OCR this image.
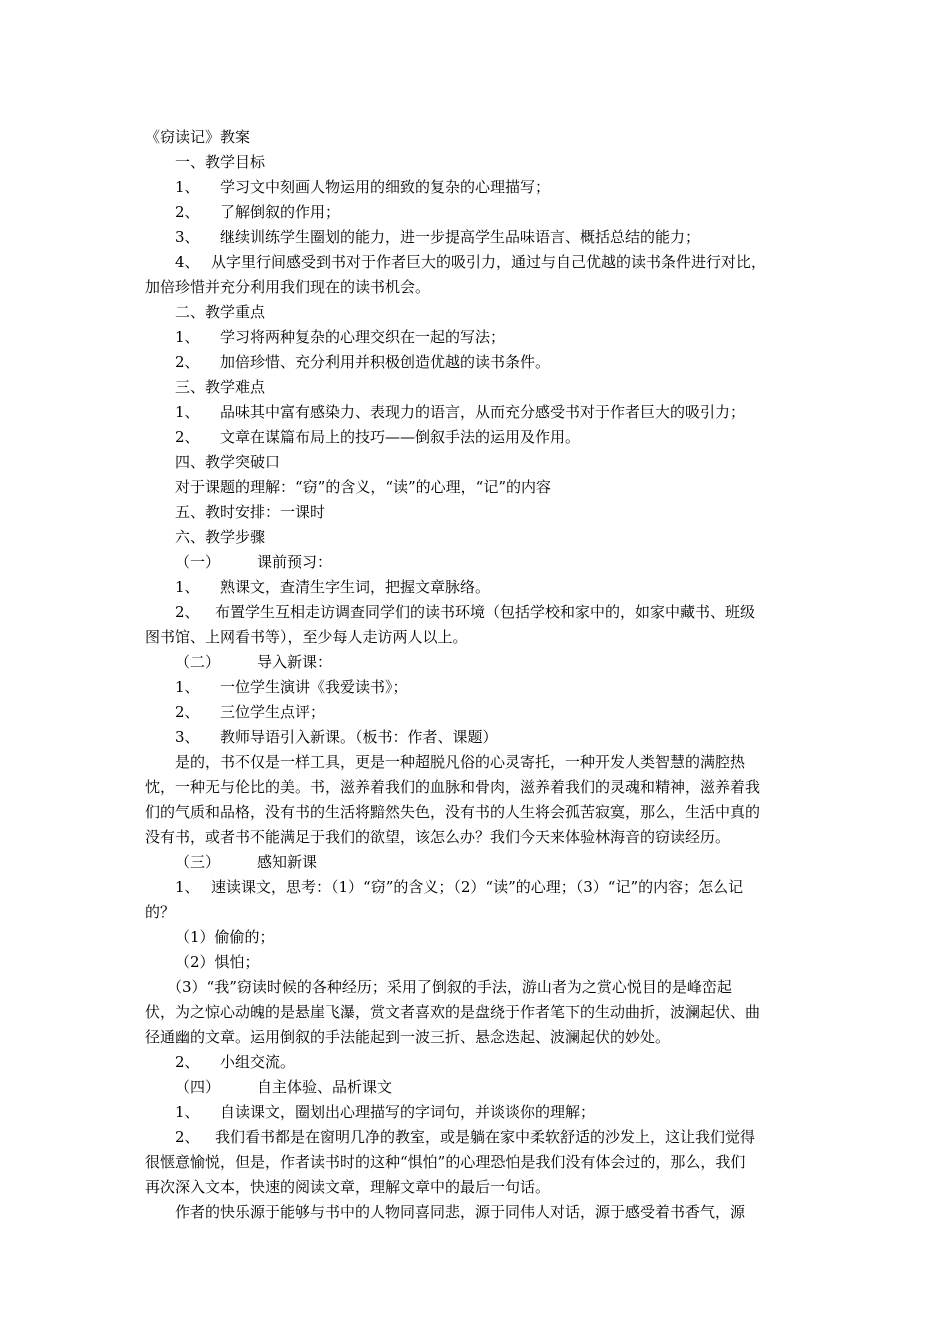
《窃读记》教案

一、教学目标

1、 学习文中刻画人物运用的细致的复杂的心理描写；

2、 了解倒叙的作用；

3、 继续训练学生圈划的能力，进一步提高学生品味语言、概括总结的能力；

4、 从字里行间感受到书对于作者巨大的吸引力，通过与自己优越的读书条件进行对比，

加倍珍惜并充分利用我们现在的读书机会。

二、教学重点

1、 学习将两种复杂的心理交织在一起的写法；

2、 加倍珍惜、充分利用并积极创造优越的读书条件。

三、教学难点

1、 品味其中富有感染力、表现力的语言，从而充分感受书对于作者巨大的吸引力；

2、 文章在谋篇布局上的技巧——倒叙手法的运用及作用。

四、教学突破口

对于课题的理解：“窃”的含义，“读”的心理，“记”的内容

五、教时安排：一课时

六、教学步骤

（一） 课前预习：

1、 熟课文，查清生字生词，把握文章脉络。

2、 布置学生互相走访调查同学们的读书环境（包括学校和家中的，如家中藏书、班级

图书馆、上网看书等），至少每人走访两人以上。

（二） 导入新课：

1、 一位学生演讲《我爱读书》；

2、 三位学生点评；

3、 教师导语引入新课。（板书：作者、课题）

是的，书不仅是一样工具，更是一种超脱凡俗的心灵寄托，一种开发人类智慧的满腔热

忱，一种无与伦比的美。书，滋养着我们的血脉和骨肉，滋养着我们的灵魂和精神，滋养着我

们的气质和品格，没有书的生活将黯然失色，没有书的人生将会孤苦寂寞，那么，生活中真的

没有书，或者书不能满足于我们的欲望，该怎么办？我们今天来体验林海音的窃读经历。

（三） 感知新课

1、 速读课文，思考：（1）“窃”的含义；（2）“读”的心理；（3）“记”的内容；怎么记

的？

（1）偷偷的；

（2）惧怕；

（3）“我”窃读时候的各种经历；采用了倒叙的手法，游山者为之赏心悦目的是峰峦起

伏，为之惊心动魄的是悬崖飞瀑，赏文者喜欢的是盘绕于作者笔下的生动曲折，波澜起伏、曲

径通幽的文章。运用倒叙的手法能起到一波三折、悬念迭起、波澜起伏的妙处。

2、 小组交流。

（四） 自主体验、品析课文

1、 自读课文，圈划出心理描写的字词句，并谈谈你的理解；

2、 我们看书都是在窗明几净的教室，或是躺在家中柔软舒适的沙发上，这让我们觉得

很惬意愉悦，但是，作者读书时的这种“惧怕”的心理恐怕是我们没有体会过的，那么，我们

再次深入文本，快速的阅读文章，理解文章中的最后一句话。

作者的快乐源于能够与书中的人物同喜同悲，源于同伟人对话，源于感受着书香气，源
